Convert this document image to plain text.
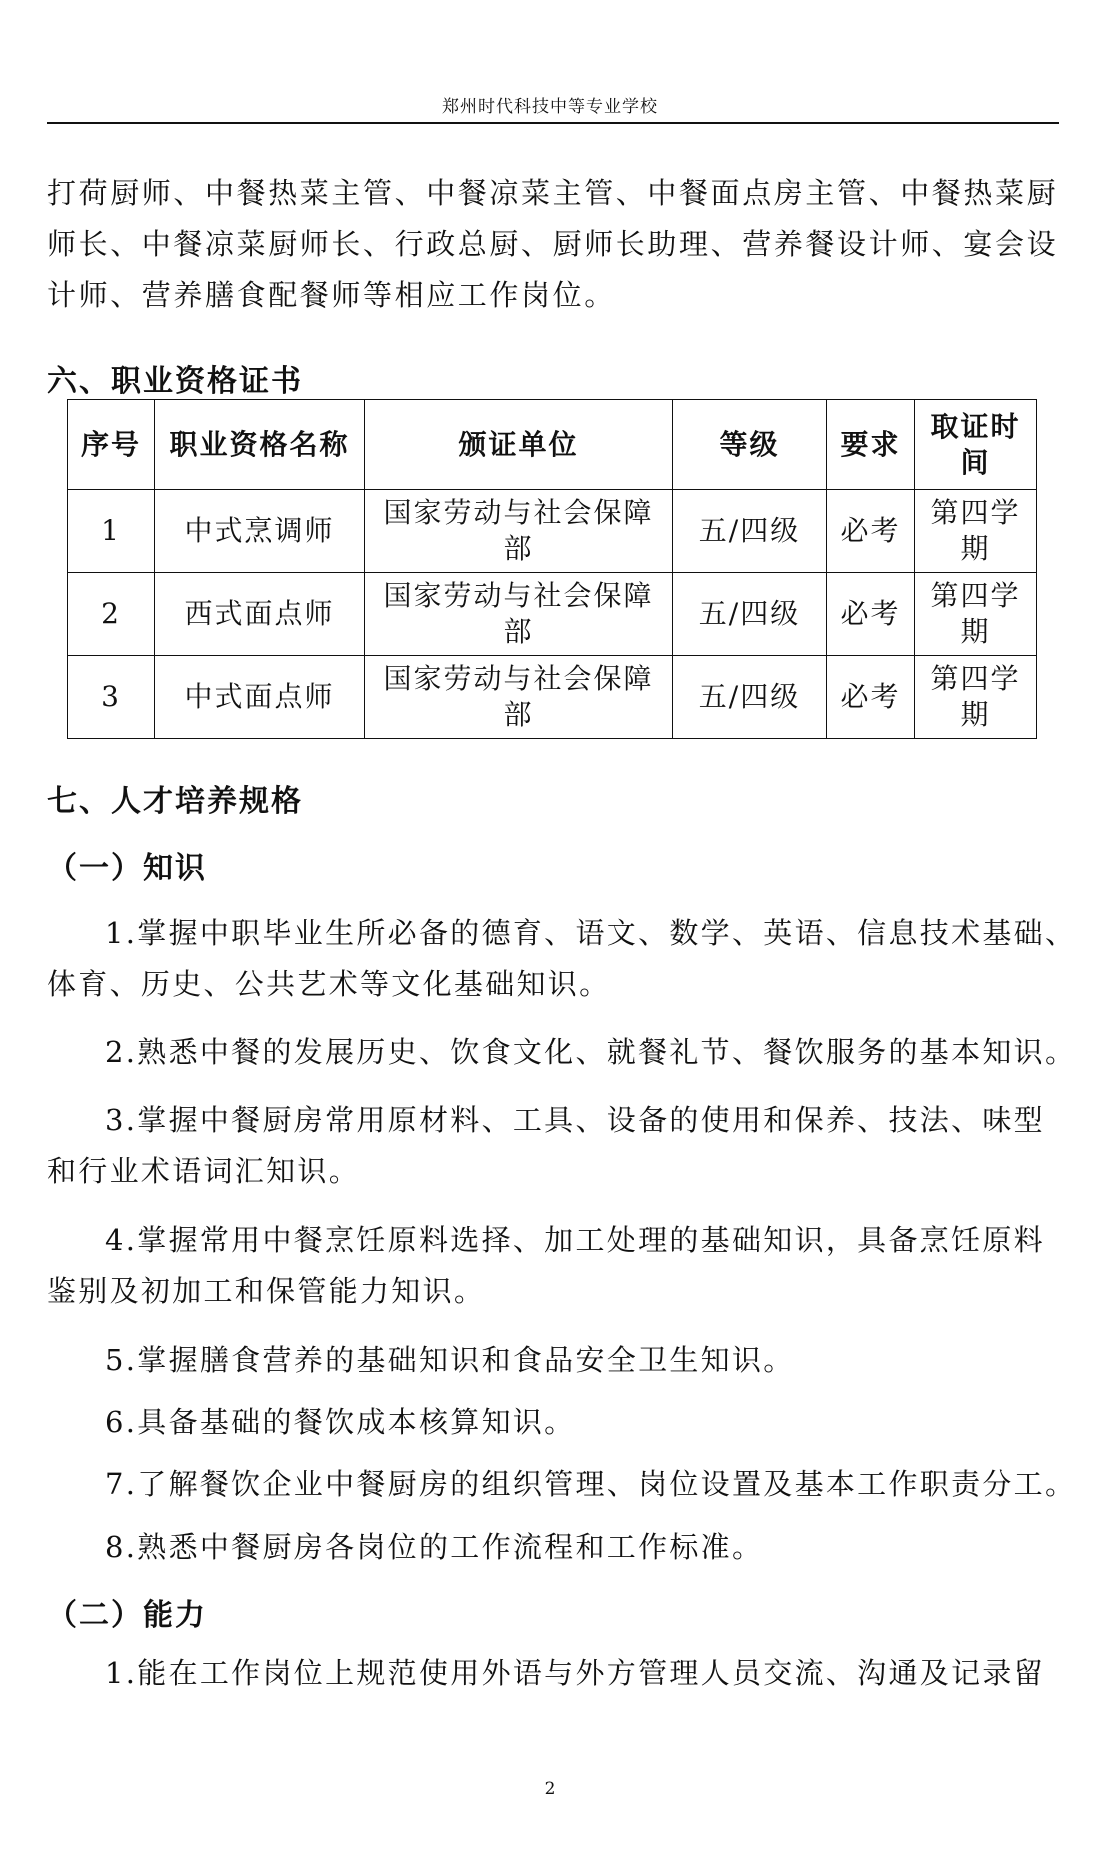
郑州时代科技中等专业学校
打荷厨师、中餐热菜主管、中餐凉菜主管、中餐面点房主管、中餐热菜厨
师长、中餐凉菜厨师长、行政总厨、厨师长助理、营养餐设计师、宴会设
计师、营养膳食配餐师等相应工作岗位。
六、职业资格证书
序号	职业资格名称	颁证单位	等级	要求	取证时间
1	中式烹调师	国家劳动与社会保障部	五/四级	必考	第四学期
2	西式面点师	国家劳动与社会保障部	五/四级	必考	第四学期
3	中式面点师	国家劳动与社会保障部	五/四级	必考	第四学期
七、人才培养规格
（一）知识
1.掌握中职毕业生所必备的德育、语文、数学、英语、信息技术基础、
体育、历史、公共艺术等文化基础知识。
2.熟悉中餐的发展历史、饮食文化、就餐礼节、餐饮服务的基本知识。
3.掌握中餐厨房常用原材料、工具、设备的使用和保养、技法、味型
和行业术语词汇知识。
4.掌握常用中餐烹饪原料选择、加工处理的基础知识，具备烹饪原料
鉴别及初加工和保管能力知识。
5.掌握膳食营养的基础知识和食品安全卫生知识。
6.具备基础的餐饮成本核算知识。
7.了解餐饮企业中餐厨房的组织管理、岗位设置及基本工作职责分工。
8.熟悉中餐厨房各岗位的工作流程和工作标准。
（二）能力
1.能在工作岗位上规范使用外语与外方管理人员交流、沟通及记录留
2
